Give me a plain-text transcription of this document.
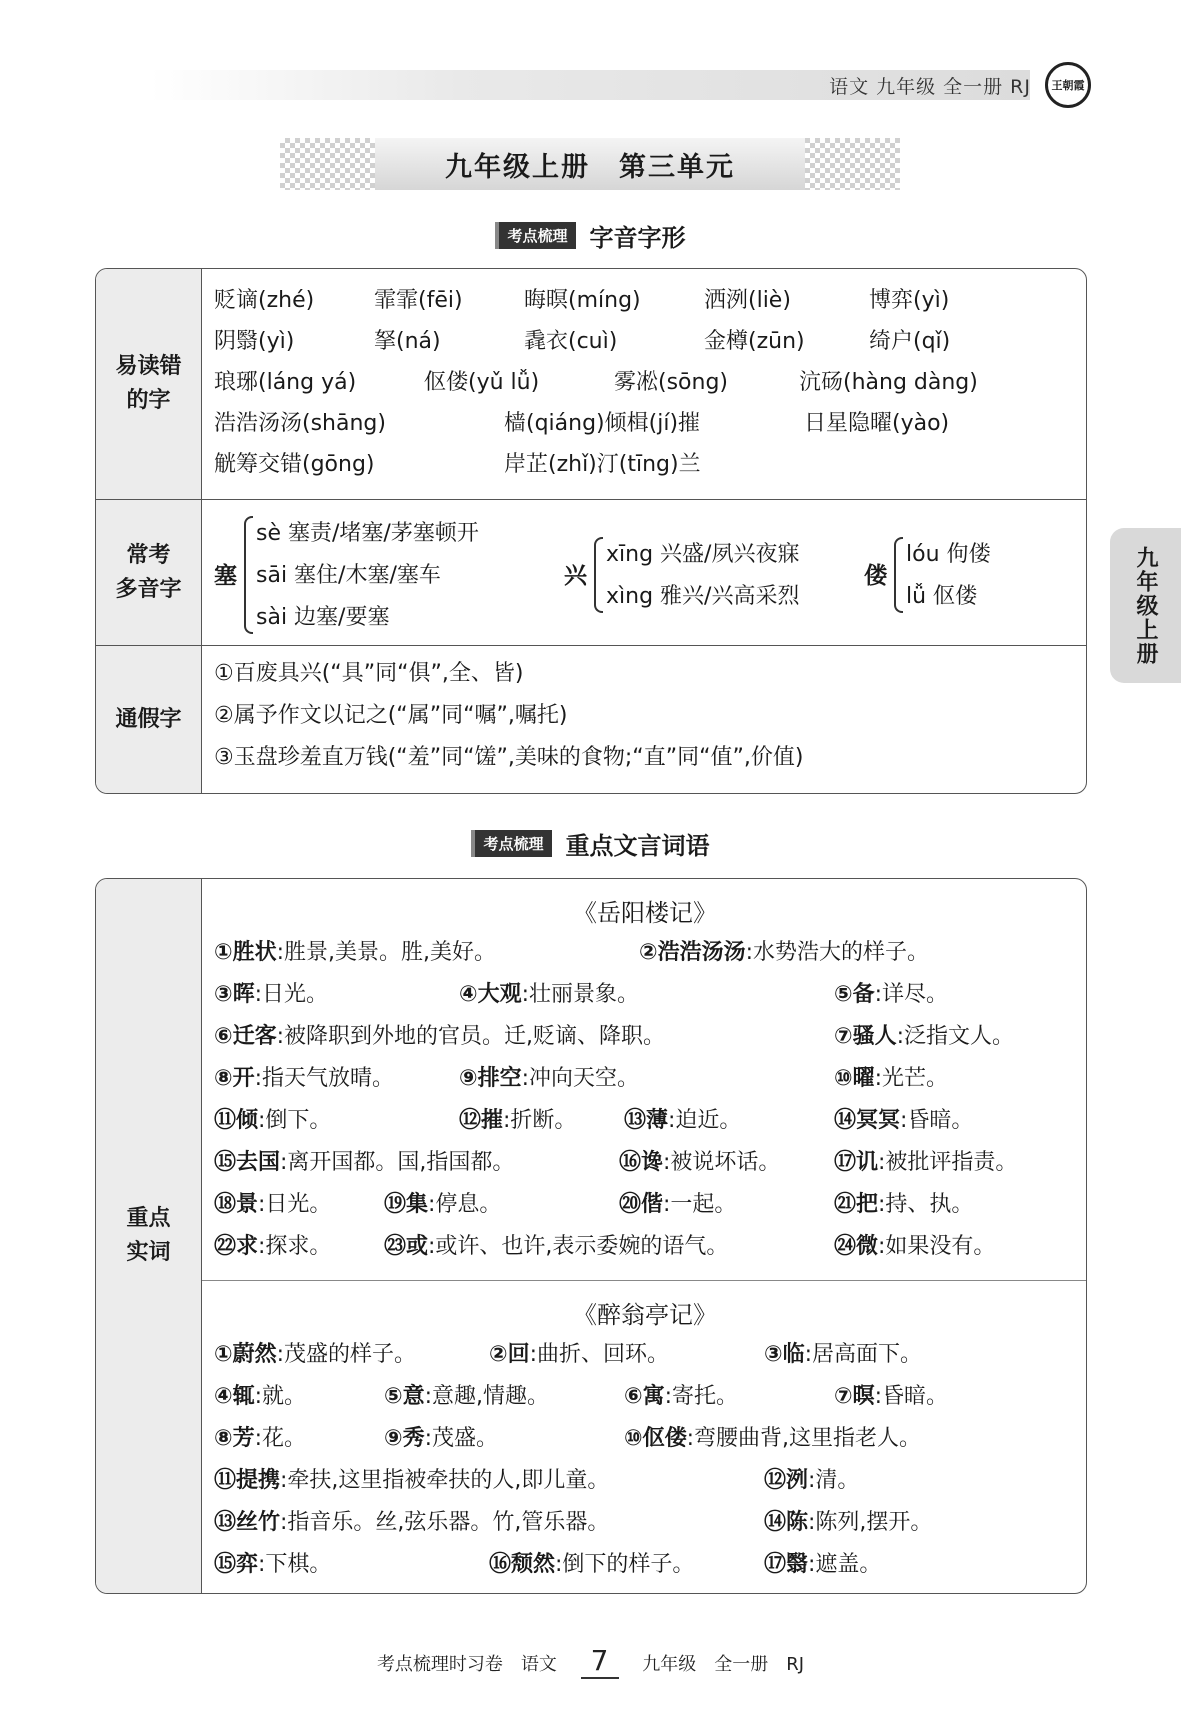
语文 九年级 全一册 RJ 王朝霞
九年级上册　第三单元
考点梳理 字音字形
易读错
的字
贬谪(zhé)	霏霏(fēi)	晦暝(míng)	洒洌(liè)	博弈(yì)
阴翳(yì)	拏(ná)	毳衣(cuì)	金樽(zūn)	绮户(qǐ)
琅琊(láng yá)	伛偻(yǔ lǚ)	雾凇(sōng)	沆砀(hàng dàng)
浩浩汤汤(shāng)	樯(qiáng)倾楫(jí)摧	日星隐曜(yào)
觥筹交错(gōng)	岸芷(zhǐ)汀(tīng)兰
常考
多音字
塞
sè 塞责/堵塞/茅塞顿开
sāi 塞住/木塞/塞车
sài 边塞/要塞
兴
xīng 兴盛/夙兴夜寐
xìng 雅兴/兴高采烈
偻
lóu 佝偻
lǚ 伛偻
通假字
①百废具兴(“具”同“俱”,全、皆)
②属予作文以记之(“属”同“嘱”,嘱托)
③玉盘珍羞直万钱(“羞”同“馐”,美味的食物;“直”同“值”,价值)
考点梳理 重点文言词语
重点
实词
《岳阳楼记》
①胜状:胜景,美景。胜,美好。	②浩浩汤汤:水势浩大的样子。
③晖:日光。	④大观:壮丽景象。	⑤备:详尽。
⑥迁客:被降职到外地的官员。迁,贬谪、降职。	⑦骚人:泛指文人。
⑧开:指天气放晴。	⑨排空:冲向天空。	⑩曜:光芒。
⑪倾:倒下。	⑫摧:折断。 ⑬薄:迫近。	⑭冥冥:昏暗。
⑮去国:离开国都。国,指国都。	⑯谗:被说坏话。 ⑰讥:被批评指责。
⑱景:日光。 ⑲集:停息。	⑳偕:一起。	㉑把:持、执。
㉒求:探求。 ㉓或:或许、也许,表示委婉的语气。	㉔微:如果没有。
《醉翁亭记》
①蔚然:茂盛的样子。	②回:曲折、回环。	③临:居高面下。
④辄:就。	⑤意:意趣,情趣。	⑥寓:寄托。	⑦暝:昏暗。
⑧芳:花。	⑨秀:茂盛。	⑩伛偻:弯腰曲背,这里指老人。
⑪提携:牵扶,这里指被牵扶的人,即儿童。	⑫洌:清。
⑬丝竹:指音乐。丝,弦乐器。竹,管乐器。	⑭陈:陈列,摆开。
⑮弈:下棋。	⑯颓然:倒下的样子。	⑰翳:遮盖。
九年级上册
考点梳理时习卷　语文 7 九年级　全一册　RJ
